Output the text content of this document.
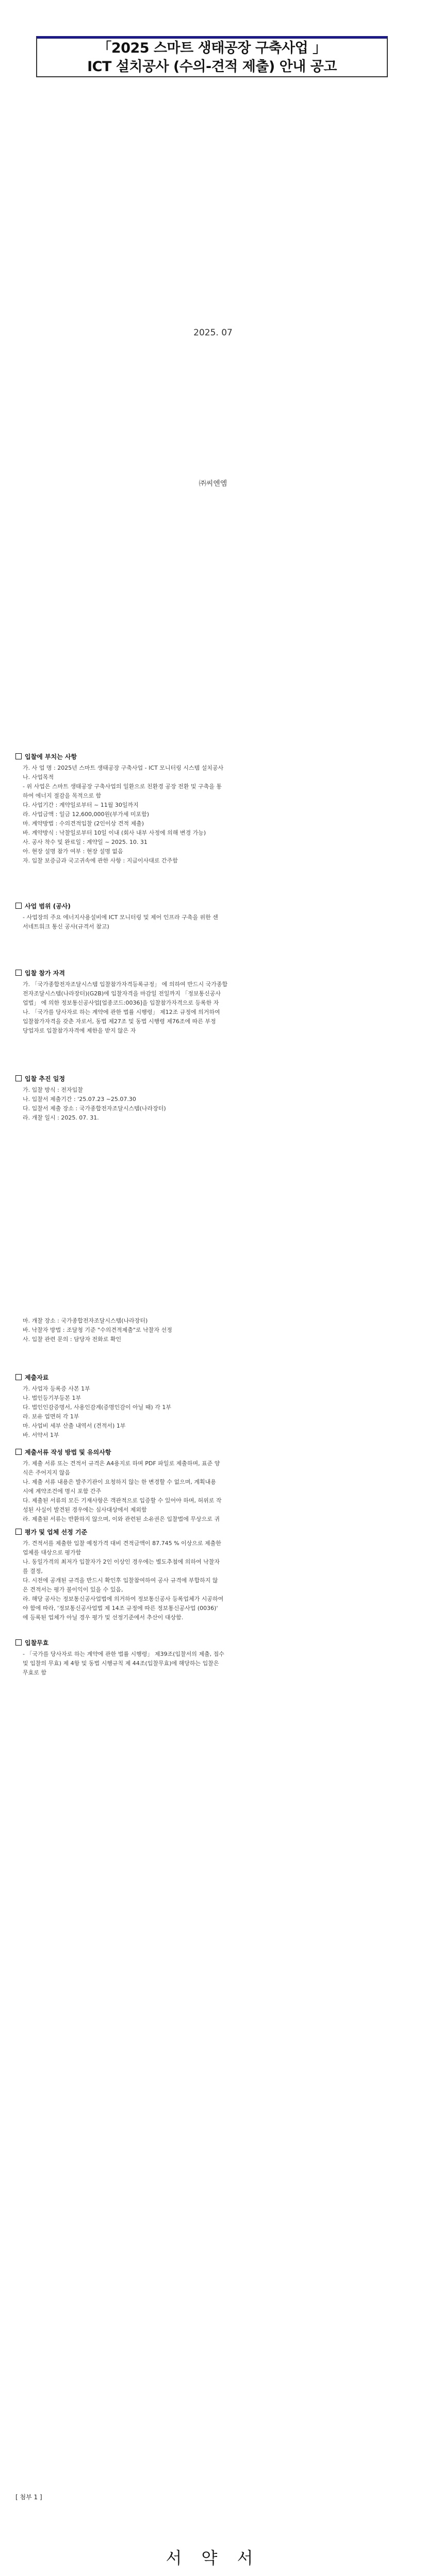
「2025 스마트 생태공장 구축사업 」
ICT 설치공사 (수의-견적 제출) 안내 공고
2025. 07
㈜씨엔엠
입찰에 부치는 사항
가. 사 업 명 : 2025년 스마트 생태공장 구축사업 - ICT 모니터링 시스템 설치공사
나. 사업목적
- 위 사업은 스마트 생태공장 구축사업의 일환으로 친환경 공장 전환 및 구축을 통
하여 에너지 절감을 목적으로 함
다. 사업기간 : 계약일로부터 ~ 11월 30일까지
라. 사업금액 : 일금 12,600,000원(부가세 미포함)
마. 계약방법 : 수의견적입찰 (2인이상 견적 제출)
바. 계약방식 : 낙찰일로부터 10일 이내 (회사 내부 사정에 의해 변경 가능)
사. 공사 착수 및 완료일 : 계약일 ~ 2025. 10. 31
아. 현장 설명 참가 여부 : 현장 설명 없음
자. 입찰 보증금과 국고귀속에 관한 사항 : 지급이사대로 간주함
사업 범위 (공사)
- 사업장의 주요 에너지사용설비에 ICT 모니터링 및 제어 인프라 구축을 위한 센
서네트워크 통신 공사(규격서 참고)
입찰 참가 자격
가. 「국가종합전자조달시스템 입찰참가자격등록규정」 에 의하여 반드시 국가종합
전자조달시스템(나라장터)(G2B)에 입찰자격을 마감일 전일까지 「정보통신공사
업법」 에 의한 정보통신공사업[업종코드:0036]을 입찰참가자격으로 등록한 자
나. 「국가를 당사자로 하는 계약에 관한 법률 시행령」 제12조 규정에 의거하여
입찰참가자격을 갖춘 자로서, 동법 제27조 및 동법 시행령 제76조에 따른 부정
당업자로 입찰참가자격에 제한을 받지 않은 자
입찰 추진 일정
가. 입찰 방식 : 전자입찰
나. 입찰서 제출기간 : '25.07.23 ~25.07.30
다. 입찰서 제출 장소 : 국가종합전자조달시스템(나라장터)
라. 개찰 일시 : 2025. 07. 31.
마. 개찰 장소 : 국가종합전자조달시스템(나라장터)
바. 낙찰자 방법 : 조달청 기준 "수의견적제출"로 낙찰자 선정
사. 입찰 관련 문의 : 담당자 전화로 확인
제출자료
가. 사업자 등록증 사본 1부
나. 법인등기부등본 1부
다. 법인인감증명서, 사용인감계(증명인감이 아닐 때) 각 1부
라. 보유 업면허 각 1부
마. 사업비 세부 산출 내역서 (견적서) 1부
바. 서약서 1부
제출서류 작성 방법 및 유의사항
가. 제출 서류 또는 견적서 규격은 A4용지로 하며 PDF 파일로 제출하며, 표준 양
식은 주어지지 않음
나. 제출 서류 내용은 발주기관이 요청하지 않는 한 변경할 수 없으며, 계획내용
시에 계약조건에 명시 포함 간주
다. 제출된 서류의 모든 기재사항은 객관적으로 입증할 수 있어야 하며, 허위로 작
성된 사실이 발견된 경우에는 심사대상에서 제외함
라. 제출된 서류는 반환하지 않으며, 이와 관련된 소유권은 입찰법에 무상으로 귀
평가 및 업체 선정 기준
가. 견적서를 제출한 입찰 예정가격 대비 견적금액이 87.745 % 이상으로 제출한
업체를 대상으로 평가함
나. 동일가격의 최저가 입찰자가 2인 이상인 경우에는 별도추첨에 의하여 낙찰자
를 결정,
다. 시전에 공개된 규격을 반드시 확인후 입찰참여하여 공사 규격에 부합하지 않
은 견적서는 평가 불이익이 있을 수 있음,
라. 해당 공사는 정보통신공사업법에 의거하여 정보통신공사 등록업체가 시공하여
야 함에 따라, '정보통신공사업법 제 14조 규정에 따른 정보통신공사업 (0036)'
에 등록된 업체가 아닐 경우 평가 및 선정기준에서 추산이 대상함.
입찰무효
- 「국가를 당사자로 하는 계약에 관한 법률 시행령」 제39조(입찰서의 제출, 접수
및 입찰의 무효) 제 4항 및 동법 시행규칙 제 44조(입찰무효)에 해당하는 입찰은
무효로 함
[ 첨부 1 ]
서 약 서
